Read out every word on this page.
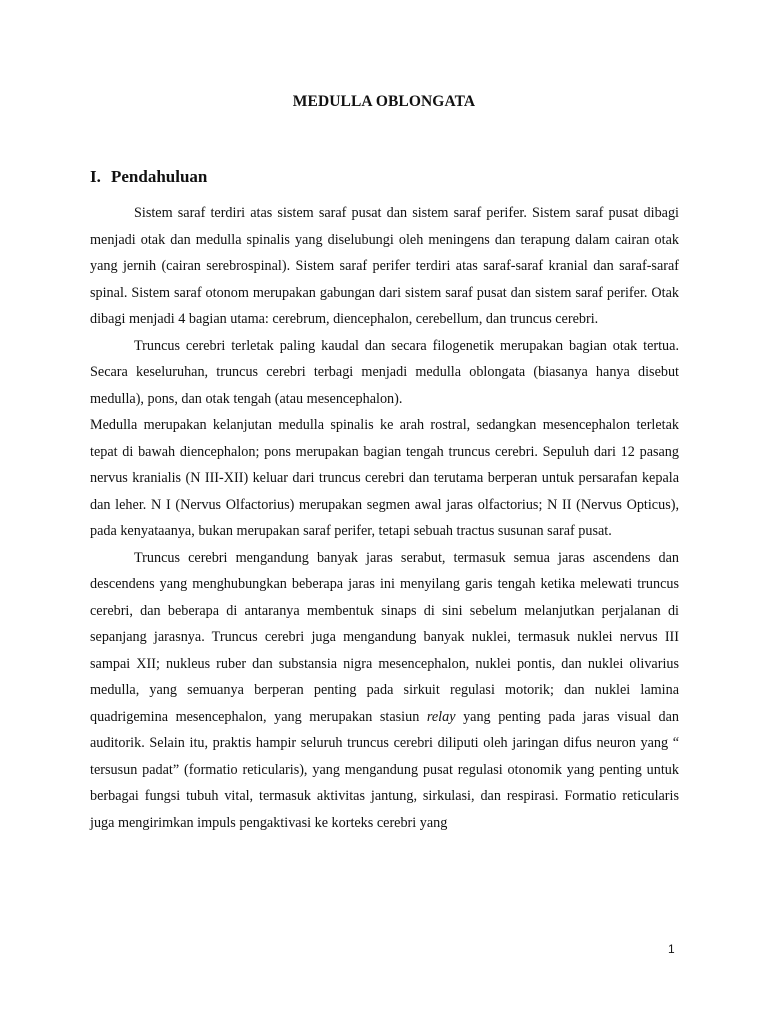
MEDULLA OBLONGATA
I. Pendahuluan

Sistem saraf terdiri atas sistem saraf pusat dan sistem saraf perifer. Sistem saraf pusat dibagi menjadi otak dan medulla spinalis yang diselubungi oleh meningens dan terapung dalam cairan otak yang jernih (cairan serebrospinal). Sistem saraf perifer terdiri atas saraf-saraf kranial dan saraf-saraf spinal. Sistem saraf otonom merupakan gabungan dari sistem saraf pusat dan sistem saraf perifer. Otak dibagi menjadi 4 bagian utama: cerebrum, diencephalon, cerebellum, dan truncus cerebri.

Truncus cerebri terletak paling kaudal dan secara filogenetik merupakan bagian otak tertua. Secara keseluruhan, truncus cerebri terbagi menjadi medulla oblongata (biasanya hanya disebut medulla), pons, dan otak tengah (atau mesencephalon).

Medulla merupakan kelanjutan medulla spinalis ke arah rostral, sedangkan mesencephalon terletak tepat di bawah diencephalon; pons merupakan bagian tengah truncus cerebri. Sepuluh dari 12 pasang nervus kranialis (N III-XII) keluar dari truncus cerebri dan terutama berperan untuk persarafan kepala dan leher. N I (Nervus Olfactorius) merupakan segmen awal jaras olfactorius; N II (Nervus Opticus), pada kenyataanya, bukan merupakan saraf perifer, tetapi sebuah tractus susunan saraf pusat.

Truncus cerebri mengandung banyak jaras serabut, termasuk semua jaras ascendens dan descendens yang menghubungkan beberapa jaras ini menyilang garis tengah ketika melewati truncus cerebri, dan beberapa di antaranya membentuk sinaps di sini sebelum melanjutkan perjalanan di sepanjang jarasnya. Truncus cerebri juga mengandung banyak nuklei, termasuk nuklei nervus III sampai XII; nukleus ruber dan substansia nigra mesencephalon, nuklei pontis, dan nuklei olivarius medulla, yang semuanya berperan penting pada sirkuit regulasi motorik; dan nuklei lamina quadrigemina mesencephalon, yang merupakan stasiun relay yang penting pada jaras visual dan auditorik. Selain itu, praktis hampir seluruh truncus cerebri diliputi oleh jaringan difus neuron yang “ tersusun padat” (formatio reticularis), yang mengandung pusat regulasi otonomik yang penting untuk berbagai fungsi tubuh vital, termasuk aktivitas jantung, sirkulasi, dan respirasi. Formatio reticularis juga mengirimkan impuls pengaktivasi ke korteks cerebri yang

1
